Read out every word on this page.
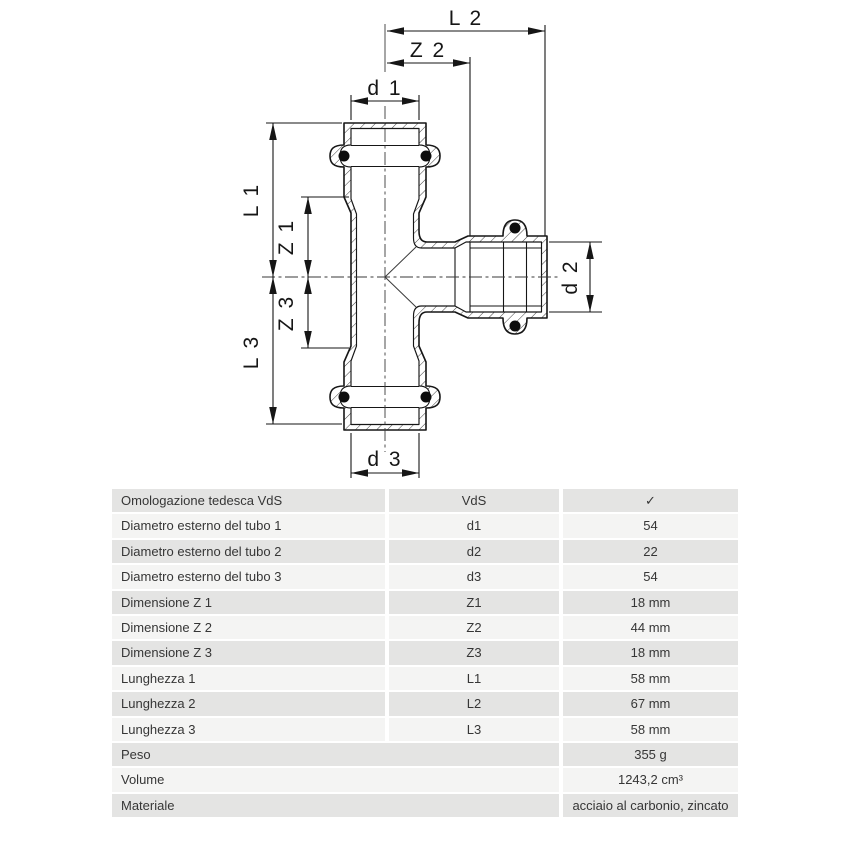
L 2
Z 2
d 1
L 1
Z 1
Z 3
L 3
d 2
d 3
Omologazione tedesca VdS	VdS	✓
Diametro esterno del tubo 1	d1	54
Diametro esterno del tubo 2	d2	22
Diametro esterno del tubo 3	d3	54
Dimensione Z 1	Z1	18 mm
Dimensione Z 2	Z2	44 mm
Dimensione Z 3	Z3	18 mm
Lunghezza 1	L1	58 mm
Lunghezza 2	L2	67 mm
Lunghezza 3	L3	58 mm
Peso	355 g
Volume	1243,2 cm³
Materiale	acciaio al carbonio, zincato
